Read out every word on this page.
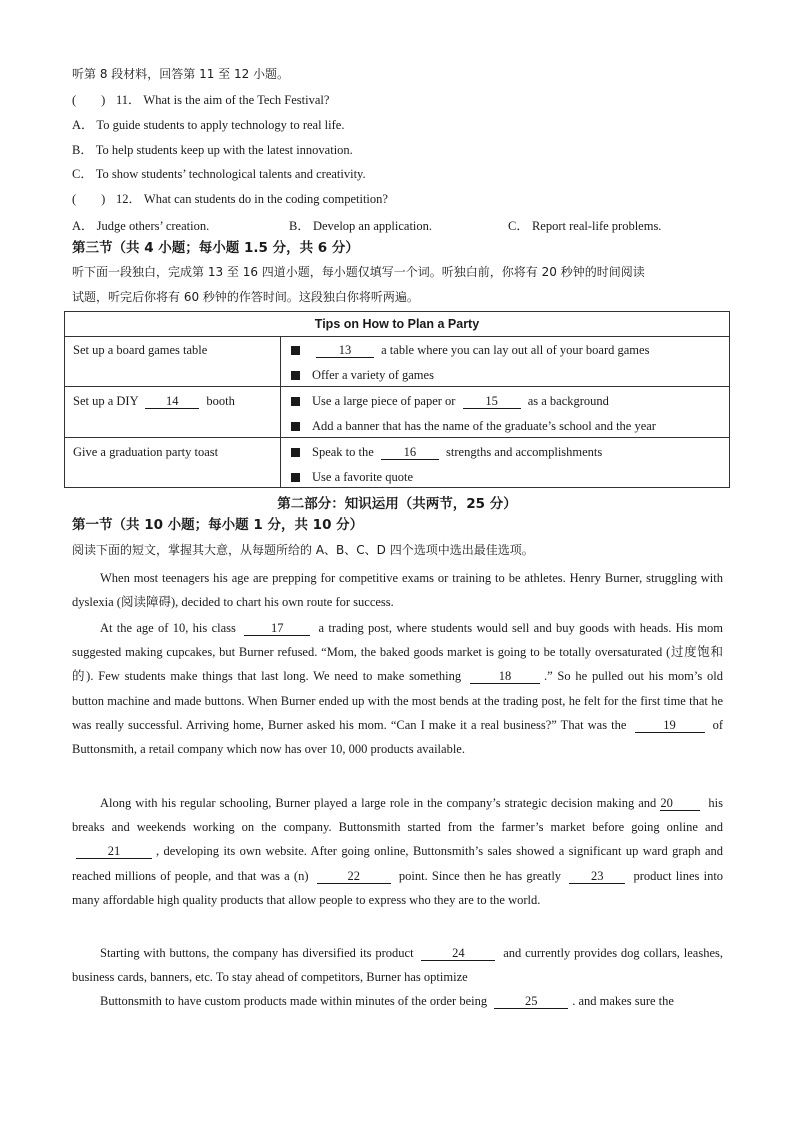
听第 8 段材料，回答第 11 至 12 小题。
(　　) 11． What is the aim of the Tech Festival?
A． To guide students to apply technology to real life.
B． To help students keep up with the latest innovation.
C． To show students’ technological talents and creativity.
(　　) 12． What can students do in the coding competition?
A． Judge others’ creation.	B． Develop an application.	C． Report real-life problems.
第三节（共 4 小题；每小题 1.5 分，共 6 分）
听下面一段独白，完成第 13 至 16 四道小题，每小题仅填写一个词。听独白前，你将有 20 秒钟的时间阅读
试题，听完后你将有 60 秒钟的作答时间。这段独白你将听两遍。
Tips on How to Plan a Party
Set up a board games table	13 a table where you can lay out all of your board games
Offer a variety of games
Set up a DIY 14 booth	Use a large piece of paper or 15 as a background
Add a banner that has the name of the graduate’s school and the year
Give a graduation party toast	Speak to the 16 strengths and accomplishments
Use a favorite quote
第二部分：知识运用（共两节，25 分）
第一节（共 10 小题；每小题 1 分，共 10 分）
阅读下面的短文，掌握其大意，从每题所给的 A、B、C、D 四个选项中选出最佳选项。
When most teenagers his age are prepping for competitive exams or training to be athletes. Henry Burner, struggling with dyslexia (阅读障碍), decided to chart his own route for success.
At the age of 10, his class	17	a trading post, where students would sell and buy goods with heads. His mom suggested making cupcakes, but Burner refused. “Mom, the baked goods market is going to be totally oversaturated (过度饱和的). Few students make things that last long. We need to make something	18	.” So he pulled out his mom’s old button machine and made buttons. When Burner ended up with the most bends at the trading post, he felt for the first time that he was really successful. Arriving home, Burner asked his mom. “Can I make it a real business?” That was the	19	of Buttonsmith, a retail company which now has over 10, 000 products available.
Along with his regular schooling, Burner played a large role in the company’s strategic decision making and 20	his breaks and weekends working on the company. Buttonsmith started from the farmer’s market before going online and 21	, developing its own website. After going online, Buttonsmith’s sales showed a significant up ward graph and reached millions of people, and that was a (n)	22	point. Since then he has greatly 23 product lines into many affordable high quality products that allow people to express who they are to the world.
Starting with buttons, the company has diversified its product	24	and currently provides dog collars, leashes, business cards, banners, etc. To stay ahead of competitors, Burner has optimize
Buttonsmith to have custom products made within minutes of the order being	25	. and makes sure the
